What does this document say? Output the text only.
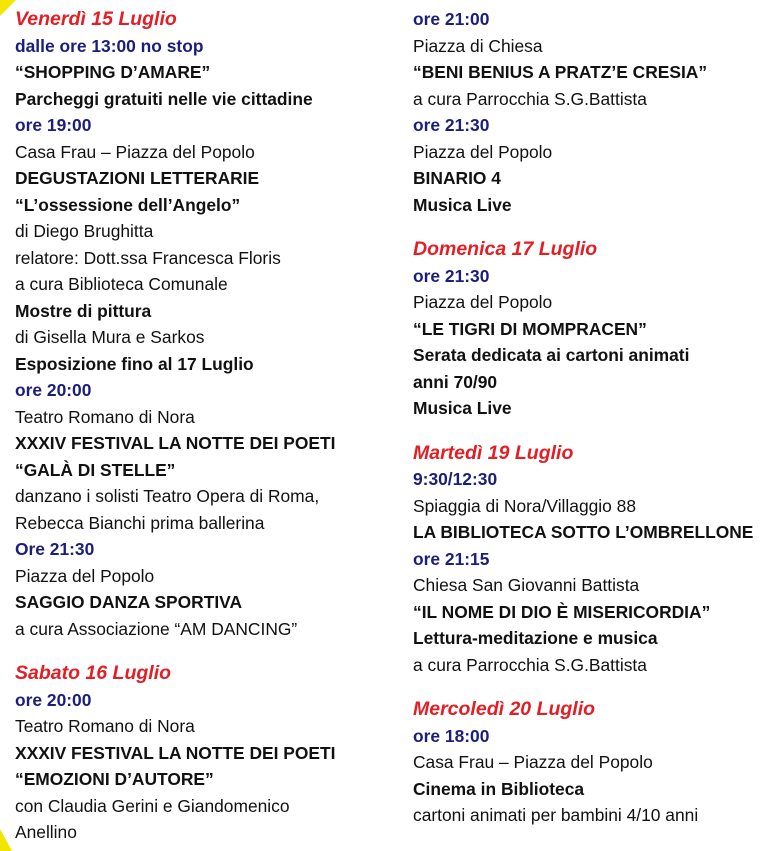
Venerdì 15 Luglio
dalle ore 13:00 no stop
“SHOPPING D’AMARE”
Parcheggi gratuiti nelle vie cittadine
ore 19:00
Casa Frau – Piazza del Popolo
DEGUSTAZIONI LETTERARIE
“L’ossessione dell’Angelo”
di Diego Brughitta
relatore: Dott.ssa Francesca Floris
a cura Biblioteca Comunale
Mostre di pittura
di Gisella Mura e Sarkos
Esposizione fino al 17 Luglio
ore 20:00
Teatro Romano di Nora
XXXIV FESTIVAL LA NOTTE DEI POETI
“GALÀ DI STELLE”
danzano i solisti Teatro Opera di Roma,
Rebecca Bianchi prima ballerina
Ore 21:30
Piazza del Popolo
SAGGIO DANZA SPORTIVA
a cura Associazione “AM DANCING”
Sabato 16 Luglio
ore 20:00
Teatro Romano di Nora
XXXIV FESTIVAL LA NOTTE DEI POETI
“EMOZIONI D’AUTORE”
con Claudia Gerini e Giandomenico
Anellino
ore 21:00
Piazza di Chiesa
“BENI BENIUS A PRATZ’E CRESIA”
a cura Parrocchia S.G.Battista
ore 21:30
Piazza del Popolo
BINARIO 4
Musica Live
Domenica 17 Luglio
ore 21:30
Piazza del Popolo
“LE TIGRI DI MOMPRACEN”
Serata dedicata ai cartoni animati
anni 70/90
Musica Live
Martedì 19 Luglio
9:30/12:30
Spiaggia di Nora/Villaggio 88
LA BIBLIOTECA SOTTO L’OMBRELLONE
ore 21:15
Chiesa San Giovanni Battista
“IL NOME DI DIO È MISERICORDIA”
Lettura-meditazione e musica
a cura Parrocchia S.G.Battista
Mercoledì 20 Luglio
ore 18:00
Casa Frau – Piazza del Popolo
Cinema in Biblioteca
cartoni animati per bambini 4/10 anni
